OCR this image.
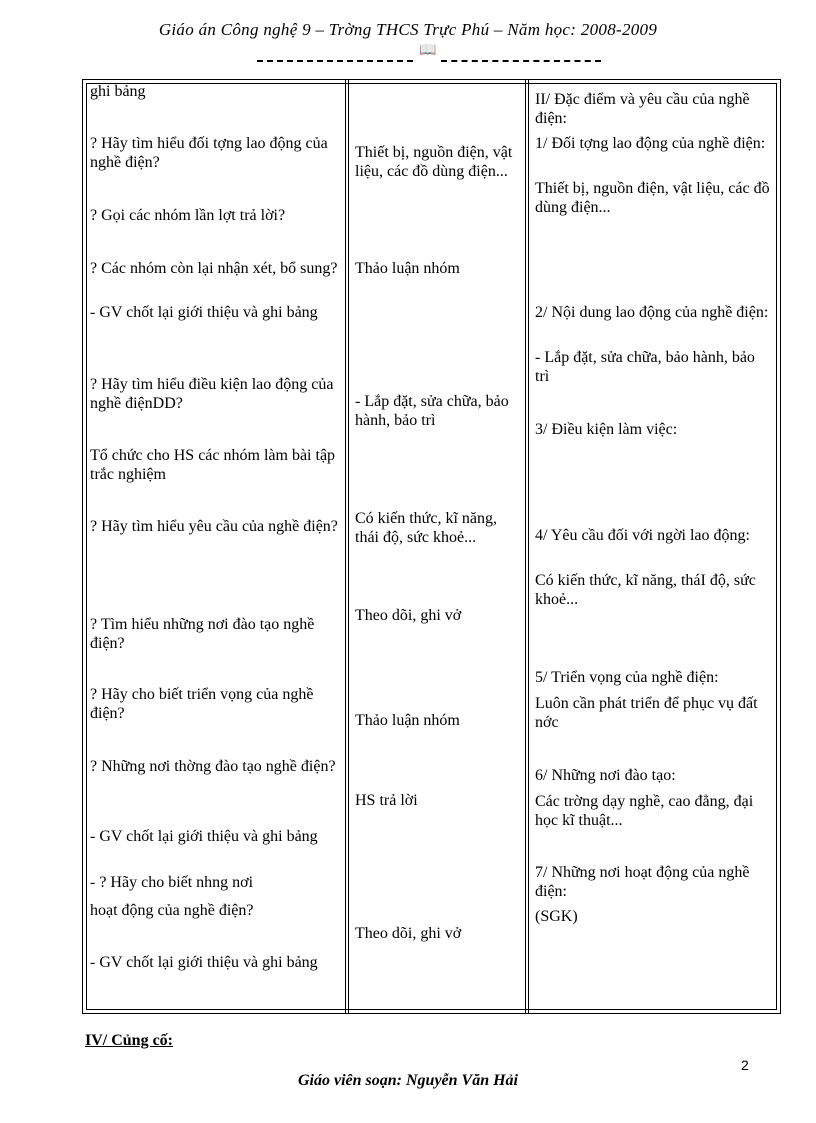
Giáo án Công nghệ 9 – Trờng THCS Trực Phú – Năm học: 2008-2009
📖
ghi bảng
? Hãy tìm hiểu đối tợng lao động của nghề điện?
? Gọi các nhóm lần lợt trả lời?
? Các nhóm còn lại nhận xét, bổ sung?
- GV chốt lại giới thiệu và ghi bảng
? Hãy tìm hiểu điều kiện lao động của nghề điệnDD?
Tổ chức cho HS các nhóm làm bài tập trắc nghiệm
? Hãy tìm hiểu yêu cầu của nghề điện?
? Tìm hiểu những nơi đào tạo nghề điện?
? Hãy cho biết triển vọng của nghề điện?
? Những nơi thờng đào tạo nghề điện?
- GV chốt lại giới thiệu và ghi bảng
- ? Hãy cho biết nhng nơi
hoạt động của nghề điện?
- GV chốt lại giới thiệu và ghi bảng
Thiết bị, nguồn điện, vật liệu, các đồ dùng điện...
Thảo luận nhóm
- Lắp đặt, sửa chữa, bảo hành, bảo trì
Có kiến thức, kĩ năng, thái độ, sức khoẻ...
Theo dõi, ghi vở
Thảo luận nhóm
HS trả lời
Theo dõi, ghi vở
II/ Đặc điểm và yêu cầu của nghề điện:
1/ Đối tợng lao động của nghề điện:
Thiết bị, nguồn điện, vật liệu, các đồ dùng điện...
2/ Nội dung lao động của nghề điện:
- Lắp đặt, sửa chữa, bảo hành, bảo trì
3/ Điều kiện làm việc:
4/ Yêu cầu đối với ngời lao động:
Có kiến thức, kĩ năng, tháI độ, sức khoẻ...
5/ Triển vọng của nghề điện:
Luôn cần phát triển để phục vụ đất nớc
6/ Những nơi đào tạo:
Các trờng dạy nghề, cao đẳng, đại học kĩ thuật...
7/ Những nơi hoạt động của nghề điện:
(SGK)
IV/ Củng cố:
2
Giáo viên soạn: Nguyễn Văn Hải
